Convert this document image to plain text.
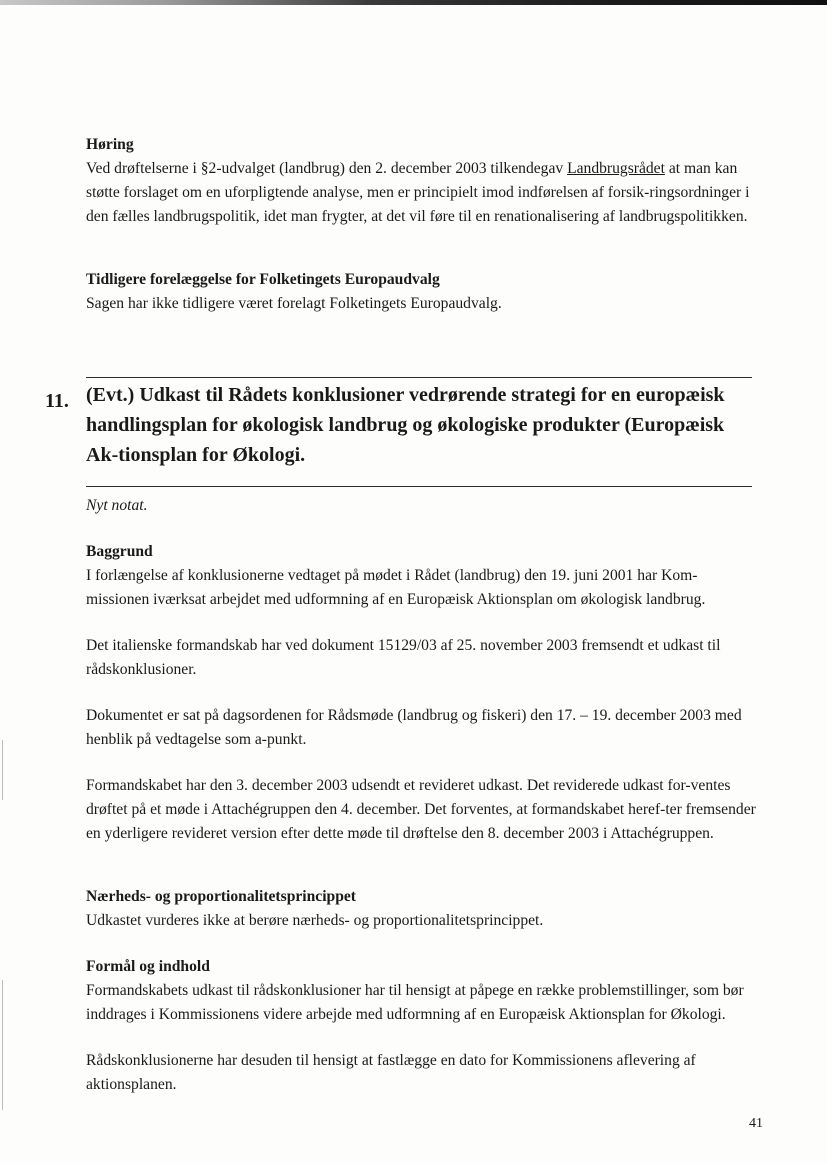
Høring

Ved drøftelserne i §2-udvalget (landbrug) den 2. december 2003 tilkendegav Landbrugsrådet at man kan støtte forslaget om en uforpligtende analyse, men er principielt imod indførelsen af forsik-ringsordninger i den fælles landbrugspolitik, idet man frygter, at det vil føre til en renationalisering af landbrugspolitikken.

Tidligere forelæggelse for Folketingets Europaudvalg

Sagen har ikke tidligere været forelagt Folketingets Europaudvalg.

11. (Evt.) Udkast til Rådets konklusioner vedrørende strategi for en europæisk handlingsplan for økologisk landbrug og økologiske produkter (Europæisk Ak-tionsplan for Økologi.

Nyt notat.

Baggrund

I forlængelse af konklusionerne vedtaget på mødet i Rådet (landbrug) den 19. juni 2001 har Kom-missionen iværksat arbejdet med udformning af en Europæisk Aktionsplan om økologisk landbrug.

Det italienske formandskab har ved dokument 15129/03 af 25. november 2003 fremsendt et udkast til rådskonklusioner.

Dokumentet er sat på dagsordenen for Rådsmøde (landbrug og fiskeri) den 17. – 19. december 2003 med henblik på vedtagelse som a-punkt.

Formandskabet har den 3. december 2003 udsendt et revideret udkast. Det reviderede udkast for-ventes drøftet på et møde i Attachégruppen den 4. december. Det forventes, at formandskabet heref-ter fremsender en yderligere revideret version efter dette møde til drøftelse den 8. december 2003 i Attachégruppen.

Nærheds- og proportionalitetsprincippet

Udkastet vurderes ikke at berøre nærheds- og proportionalitetsprincippet.

Formål og indhold

Formandskabets udkast til rådskonklusioner har til hensigt at påpege en række problemstillinger, som bør inddrages i Kommissionens videre arbejde med udformning af en Europæisk Aktionsplan for Økologi.

Rådskonklusionerne har desuden til hensigt at fastlægge en dato for Kommissionens aflevering af aktionsplanen.

41
